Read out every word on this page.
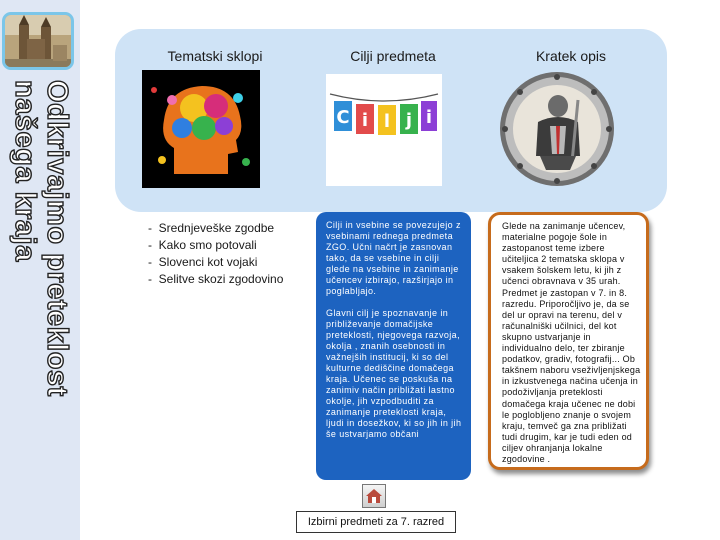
Odkrivajmo preteklost
našega kraja
Tematski sklopi	Cilji predmeta	Kratek opis
C i l j i
- Srednjeveške zgodbe
- Kako smo potovali
- Slovenci kot vojaki
- Selitve skozi zgodovino

Cilji in vsebine se povezujejo z vsebinami rednega predmeta ZGO. Učni načrt je zasnovan tako, da se vsebine in cilji glede na vsebine in zanimanje učencev izbirajo, razširjajo in poglabljajo.

Glavni cilj je spoznavanje in približevanje domačijske preteklosti, njegovega razvoja, okolja , znanih osebnosti in važnejših institucij, ki so del kulturne dediščine domačega kraja. Učenec se poskuša na zanimiv način približati lastno okolje, jih vzpodbuditi za zanimanje preteklosti kraja, ljudi in dosežkov, ki so jih in jih še ustvarjamo občani

Glede na zanimanje učencev, materialne pogoje šole in zastopanost teme izbere učiteljica 2 tematska sklopa v vsakem šolskem letu, ki jih z učenci obravnava v 35 urah. Predmet je zastopan v 7. in 8. razredu. Priporočljivo je, da se del ur opravi na terenu, del v računalniški učilnici, del kot skupno ustvarjanje in individualno delo, ter zbiranje podatkov, gradiv, fotografij... Ob takšnem naboru vseživljenjskega in izkustvenega načina učenja in podoživljanja preteklosti domačega kraja učenec ne dobi le poglobljeno znanje o svojem kraju, temveč ga zna približati tudi drugim, kar je tudi eden od ciljev ohranjanja lokalne zgodovine .
Izbirni predmeti za 7. razred
